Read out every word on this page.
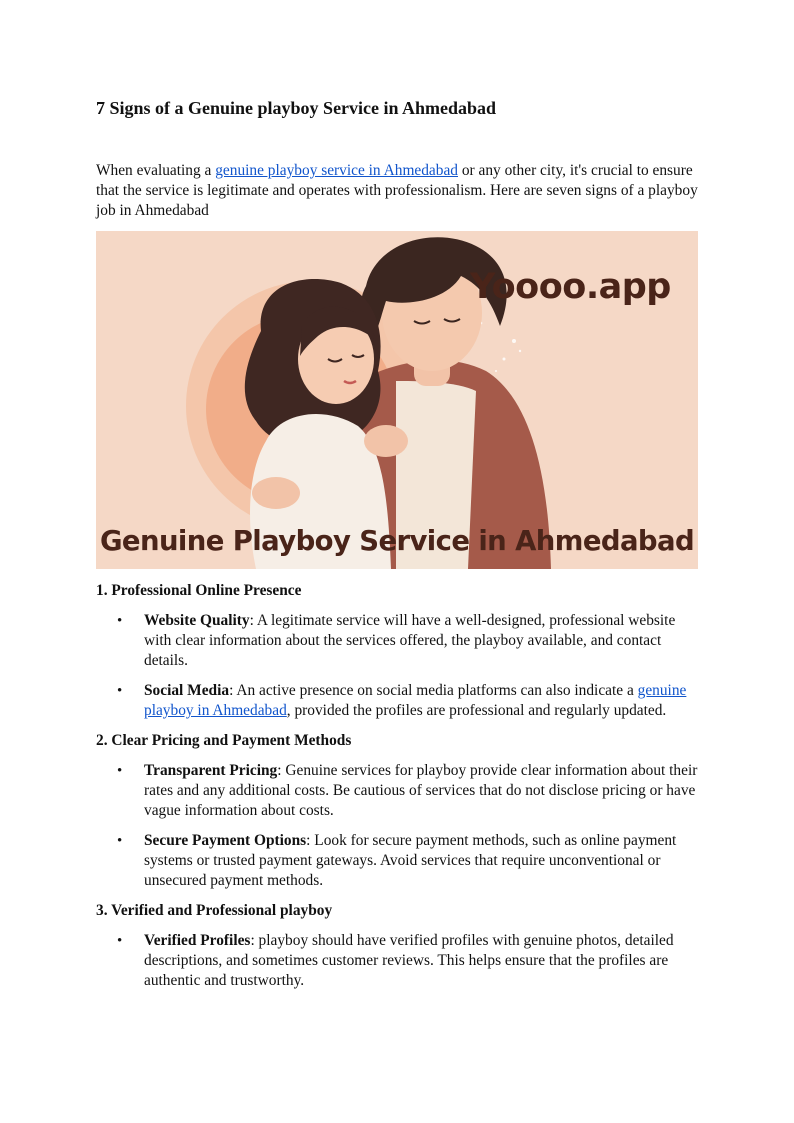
7 Signs of a Genuine playboy Service in Ahmedabad

When evaluating a genuine playboy service in Ahmedabad or any other city, it's crucial to ensure that the service is legitimate and operates with professionalism. Here are seven signs of a playboy job in Ahmedabad

Yoooo.app
Genuine Playboy Service in Ahmedabad
1. Professional Online Presence
• Website Quality: A legitimate service will have a well-designed, professional website with clear information about the services offered, the playboy available, and contact details.
• Social Media: An active presence on social media platforms can also indicate a genuine playboy in Ahmedabad, provided the profiles are professional and regularly updated.
2. Clear Pricing and Payment Methods
• Transparent Pricing: Genuine services for playboy provide clear information about their rates and any additional costs. Be cautious of services that do not disclose pricing or have vague information about costs.
• Secure Payment Options: Look for secure payment methods, such as online payment systems or trusted payment gateways. Avoid services that require unconventional or unsecured payment methods.
3. Verified and Professional playboy
• Verified Profiles: playboy should have verified profiles with genuine photos, detailed descriptions, and sometimes customer reviews. This helps ensure that the profiles are authentic and trustworthy.
